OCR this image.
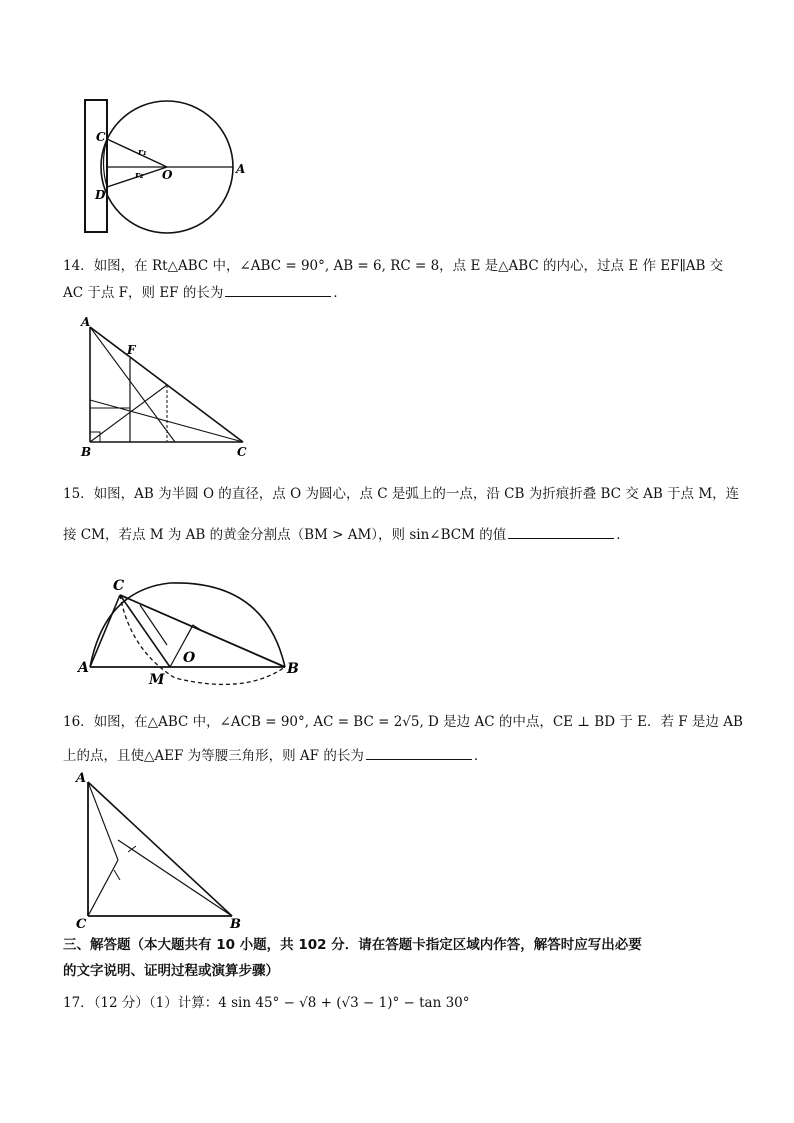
C
D
O	A
r₁
r₂
14．如图，在 Rt△ABC 中，∠ABC = 90°, AB = 6, RC = 8，点 E 是△ABC 的内心，过点 E 作 EF∥AB 交
AC 于点 F，则 EF 的长为	．
A
F
B	C
15．如图，AB 为半圆 O 的直径，点 O 为圆心，点 C 是弧上的一点，沿 CB 为折痕折叠 BC 交 AB 于点 M，连
接 CM，若点 M 为 AB 的黄金分割点（BM > AM），则 sin∠BCM 的值	．
C
A
M
O
B
16．如图，在△ABC 中，∠ACB = 90°, AC = BC = 2√5, D 是边 AC 的中点，CE ⊥ BD 于 E．若 F 是边 AB
上的点，且使△AEF 为等腰三角形，则 AF 的长为	．
A
C	B
三、解答题（本大题共有 10 小题，共 102 分．请在答题卡指定区域内作答，解答时应写出必要
的文字说明、证明过程或演算步骤）
17．（12 分）（1）计算：4 sin 45° − √8 + (√3 − 1)° − tan 30°
